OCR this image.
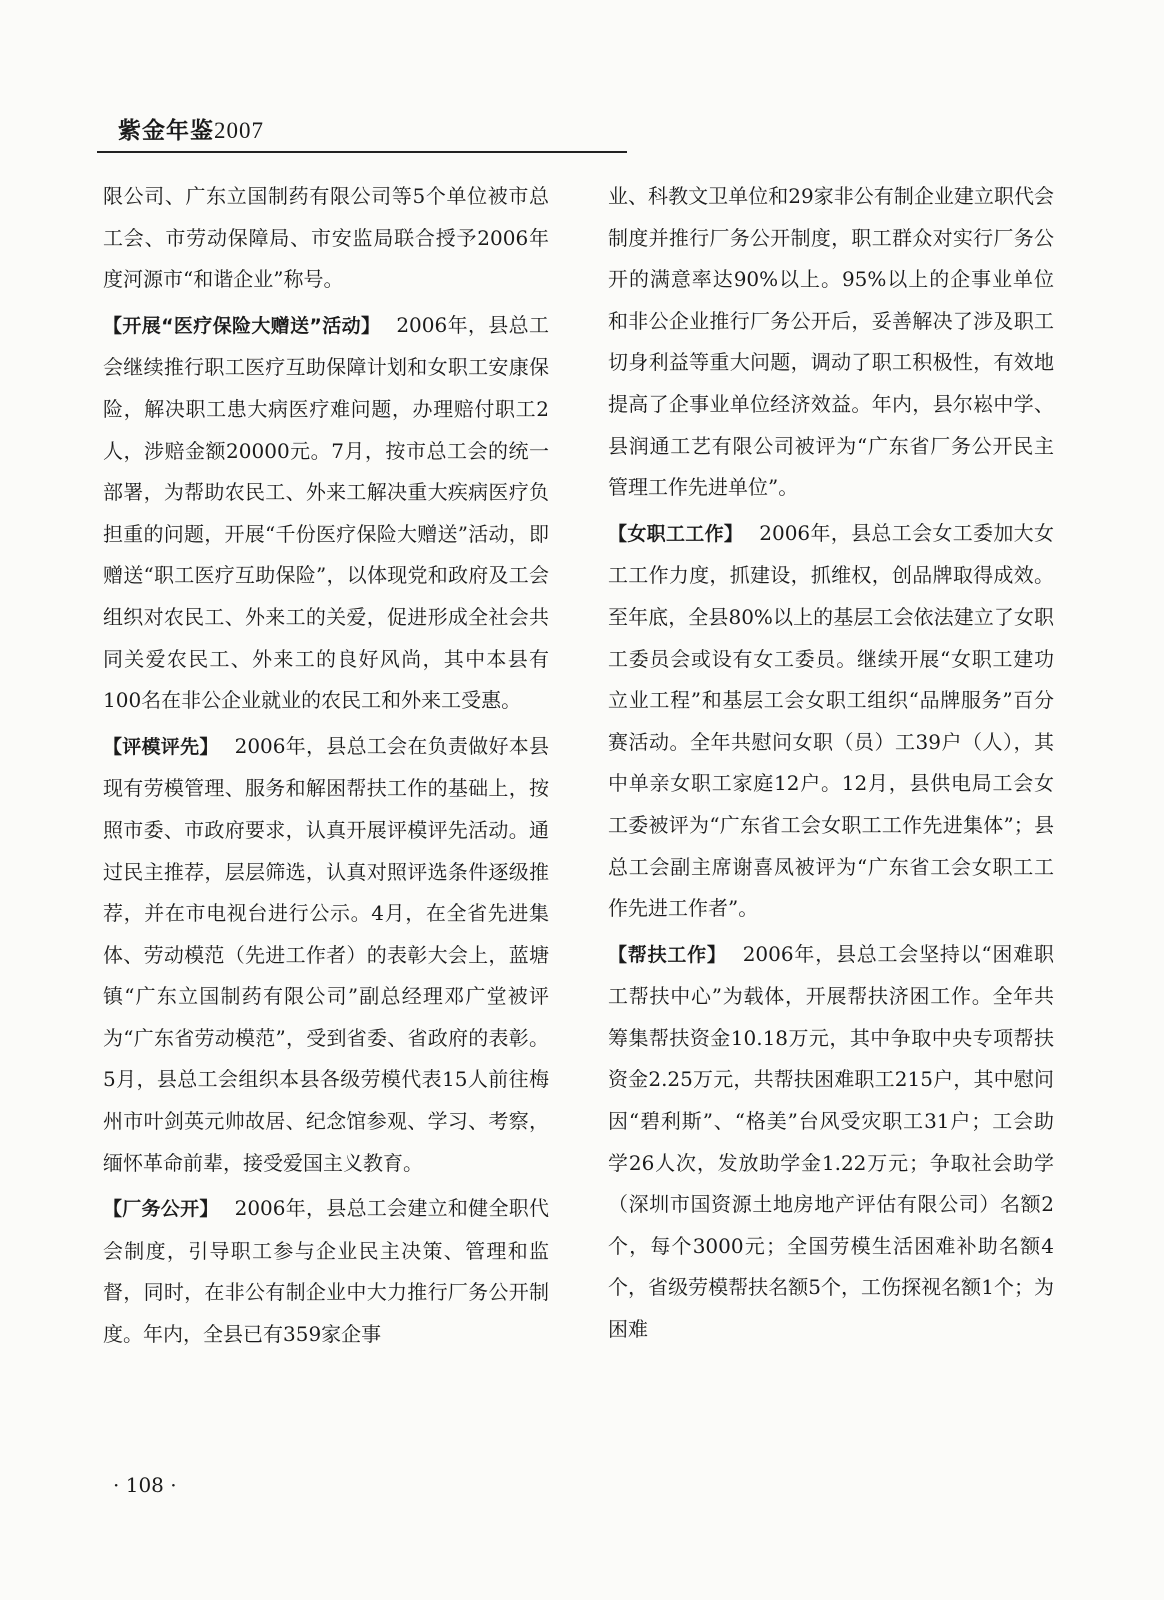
紫金年鉴2007

限公司、广东立国制药有限公司等5个单位被市总工会、市劳动保障局、市安监局联合授予2006年度河源市“和谐企业”称号。

【开展“医疗保险大赠送”活动】 2006年，县总工会继续推行职工医疗互助保障计划和女职工安康保险，解决职工患大病医疗难问题，办理赔付职工2人，涉赔金额20000元。7月，按市总工会的统一部署，为帮助农民工、外来工解决重大疾病医疗负担重的问题，开展“千份医疗保险大赠送”活动，即赠送“职工医疗互助保险”，以体现党和政府及工会组织对农民工、外来工的关爱，促进形成全社会共同关爱农民工、外来工的良好风尚，其中本县有100名在非公企业就业的农民工和外来工受惠。

【评模评先】 2006年，县总工会在负责做好本县现有劳模管理、服务和解困帮扶工作的基础上，按照市委、市政府要求，认真开展评模评先活动。通过民主推荐，层层筛选，认真对照评选条件逐级推荐，并在市电视台进行公示。4月，在全省先进集体、劳动模范（先进工作者）的表彰大会上，蓝塘镇“广东立国制药有限公司”副总经理邓广堂被评为“广东省劳动模范”，受到省委、省政府的表彰。5月，县总工会组织本县各级劳模代表15人前往梅州市叶剑英元帅故居、纪念馆参观、学习、考察，缅怀革命前辈，接受爱国主义教育。

【厂务公开】 2006年，县总工会建立和健全职代会制度，引导职工参与企业民主决策、管理和监督，同时，在非公有制企业中大力推行厂务公开制度。年内，全县已有359家企事

业、科教文卫单位和29家非公有制企业建立职代会制度并推行厂务公开制度，职工群众对实行厂务公开的满意率达90%以上。95%以上的企事业单位和非公企业推行厂务公开后，妥善解决了涉及职工切身利益等重大问题，调动了职工积极性，有效地提高了企事业单位经济效益。年内，县尔崧中学、县润通工艺有限公司被评为“广东省厂务公开民主管理工作先进单位”。

【女职工工作】 2006年，县总工会女工委加大女工工作力度，抓建设，抓维权，创品牌取得成效。至年底，全县80%以上的基层工会依法建立了女职工委员会或设有女工委员。继续开展“女职工建功立业工程”和基层工会女职工组织“品牌服务”百分赛活动。全年共慰问女职（员）工39户（人），其中单亲女职工家庭12户。12月，县供电局工会女工委被评为“广东省工会女职工工作先进集体”；县总工会副主席谢喜凤被评为“广东省工会女职工工作先进工作者”。

【帮扶工作】 2006年，县总工会坚持以“困难职工帮扶中心”为载体，开展帮扶济困工作。全年共筹集帮扶资金10.18万元，其中争取中央专项帮扶资金2.25万元，共帮扶困难职工215户，其中慰问因“碧利斯”、“格美”台风受灾职工31户；工会助学26人次，发放助学金1.22万元；争取社会助学（深圳市国资源土地房地产评估有限公司）名额2个，每个3000元；全国劳模生活困难补助名额4个，省级劳模帮扶名额5个，工伤探视名额1个；为困难

· 108 ·
